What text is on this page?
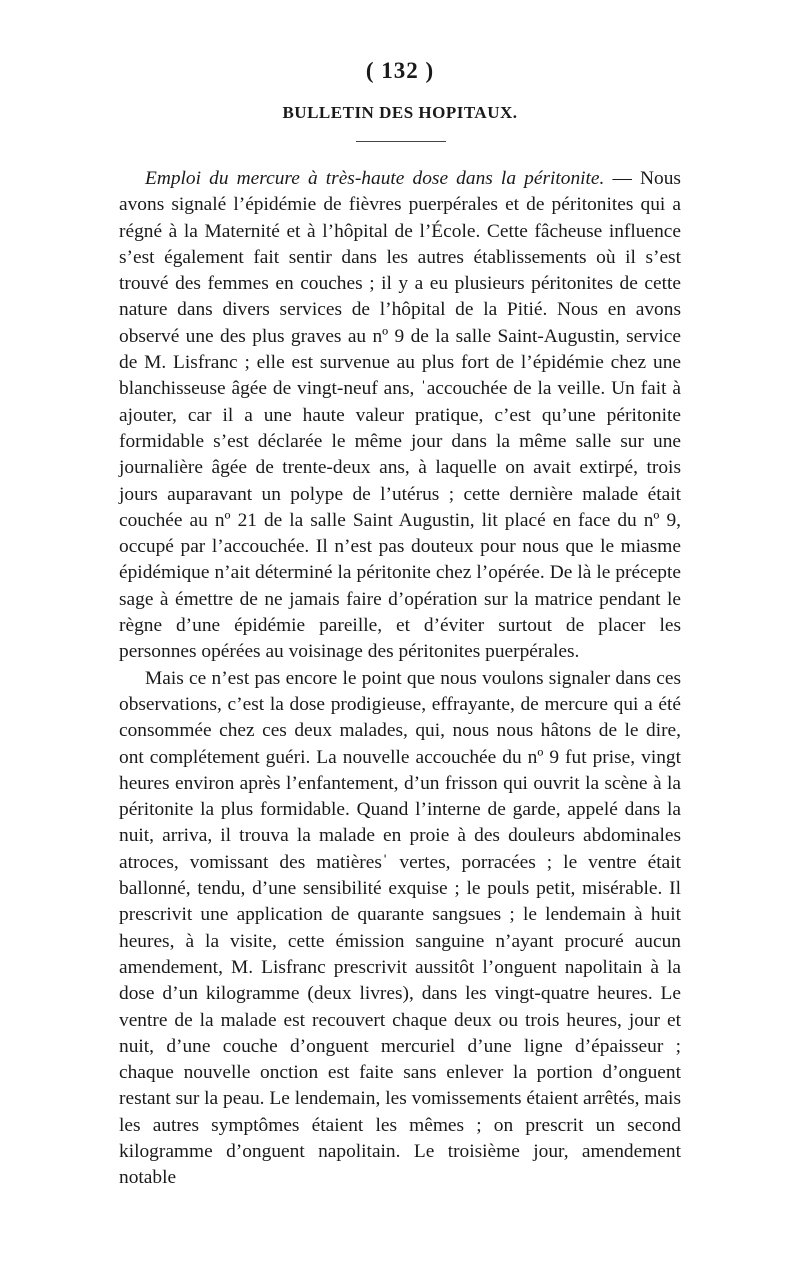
( 132 )
BULLETIN DES HOPITAUX.

Emploi du mercure à très-haute dose dans la péritonite. — Nous avons signalé l’épidémie de fièvres puerpérales et de péritonites qui a régné à la Maternité et à l’hôpital de l’École. Cette fâcheuse influence s’est également fait sentir dans les autres établissements où il s’est trouvé des femmes en couches ; il y a eu plusieurs péritonites de cette nature dans divers services de l’hôpital de la Pitié. Nous en avons observé une des plus graves au nº 9 de la salle Saint-Augustin, service de M. Lisfranc ; elle est survenue au plus fort de l’épidémie chez une blanchisseuse âgée de vingt-neuf ans, ˈaccouchée de la veille. Un fait à ajouter, car il a une haute valeur pratique, c’est qu’une péritonite formidable s’est déclarée le même jour dans la même salle sur une journalière âgée de trente-deux ans, à laquelle on avait extirpé, trois jours auparavant un polype de l’utérus ; cette dernière malade était couchée au nº 21 de la salle Saint Augustin, lit placé en face du nº 9, occupé par l’accouchée. Il n’est pas douteux pour nous que le miasme épidémique n’ait déterminé la péritonite chez l’opérée. De là le précepte sage à émettre de ne jamais faire d’opération sur la matrice pendant le règne d’une épidémie pareille, et d’éviter surtout de placer les personnes opérées au voisinage des péritonites puerpérales.

Mais ce n’est pas encore le point que nous voulons signaler dans ces observations, c’est la dose prodigieuse, effrayante, de mercure qui a été consommée chez ces deux malades, qui, nous nous hâtons de le dire, ont complétement guéri. La nouvelle accouchée du nº 9 fut prise, vingt heures environ après l’enfantement, d’un frisson qui ouvrit la scène à la péritonite la plus formidable. Quand l’interne de garde, appelé dans la nuit, arriva, il trouva la malade en proie à des douleurs abdominales atroces, vomissant des matièresˈ vertes, porracées ; le ventre était ballonné, tendu, d’une sensibilité exquise ; le pouls petit, misérable. Il prescrivit une application de quarante sangsues ; le lendemain à huit heures, à la visite, cette émission sanguine n’ayant procuré aucun amendement, M. Lisfranc prescrivit aussitôt l’onguent napolitain à la dose d’un kilogramme (deux livres), dans les vingt-quatre heures. Le ventre de la malade est recouvert chaque deux ou trois heures, jour et nuit, d’une couche d’onguent mercuriel d’une ligne d’épaisseur ; chaque nouvelle onction est faite sans enlever la portion d’onguent restant sur la peau. Le lendemain, les vomissements étaient arrêtés, mais les autres symptômes étaient les mêmes ; on prescrit un second kilogramme d’onguent napolitain. Le troisième jour, amendement notable
